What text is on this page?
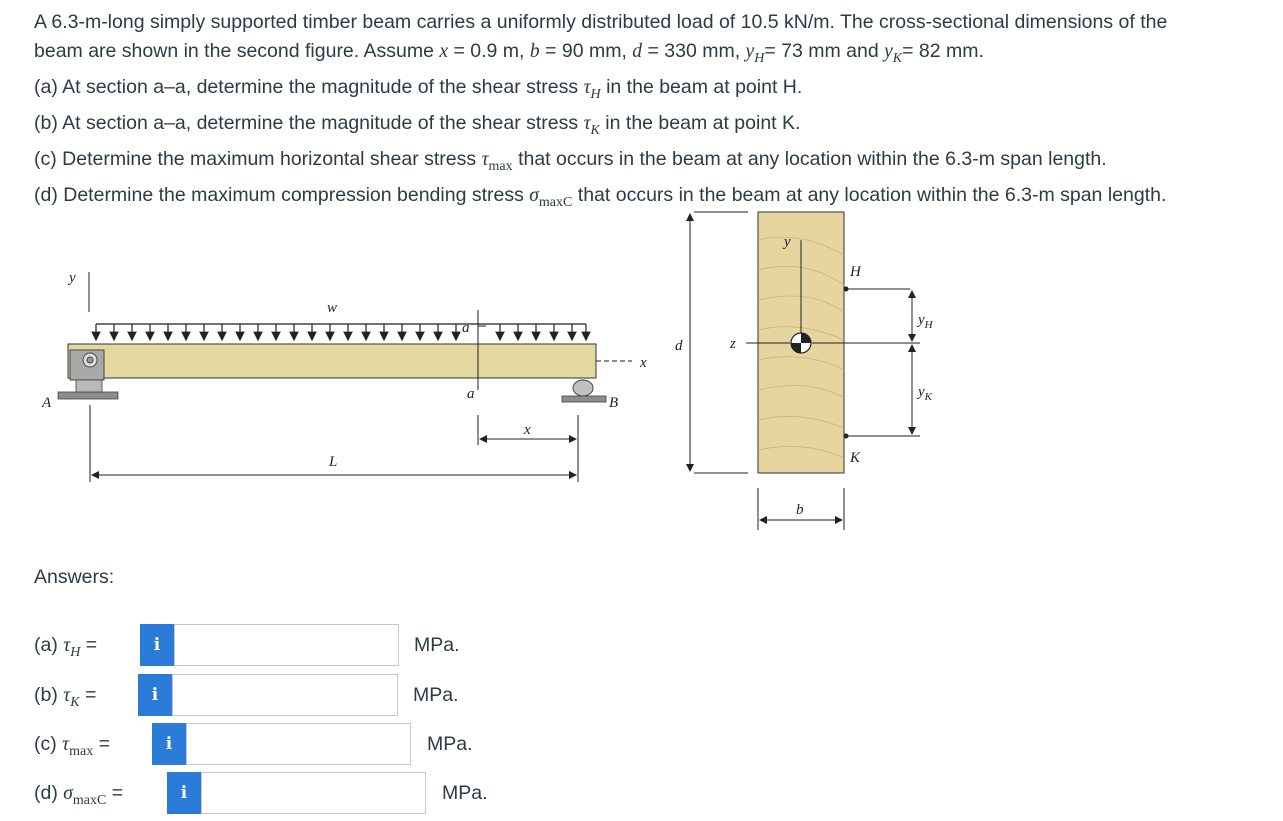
A 6.3-m-long simply supported timber beam carries a uniformly distributed load of 10.5 kN/m. The cross-sectional dimensions of the

beam are shown in the second figure. Assume x = 0.9 m, b = 90 mm, d = 330 mm, $y_H= 73$ mm and $y_K= 82$ mm.

(a) At section a–a, determine the magnitude of the shear stress $\tau_H$ in the beam at point H.

(b) At section a–a, determine the magnitude of the shear stress $\tau_K$ in the beam at point K.

(c) Determine the maximum horizontal shear stress $\tau_{max}$ that occurs in the beam at any location within the 6.3-m span length.

(d) Determine the maximum compression bending stress $\sigma_{maxC}$ that occurs in the beam at any location within the 6.3-m span length.

y
w
a
a
x
A	B
x
L
d
y
z
H
K
$y_H$
$y_K$
b
Answers:
(a) $\tau_H$ =	i	MPa.
(b) $\tau_K$ =	i	MPa.
(c) $\tau_{max}$ =	i	MPa.
(d) $\sigma_{maxC}$ =	i	MPa.
